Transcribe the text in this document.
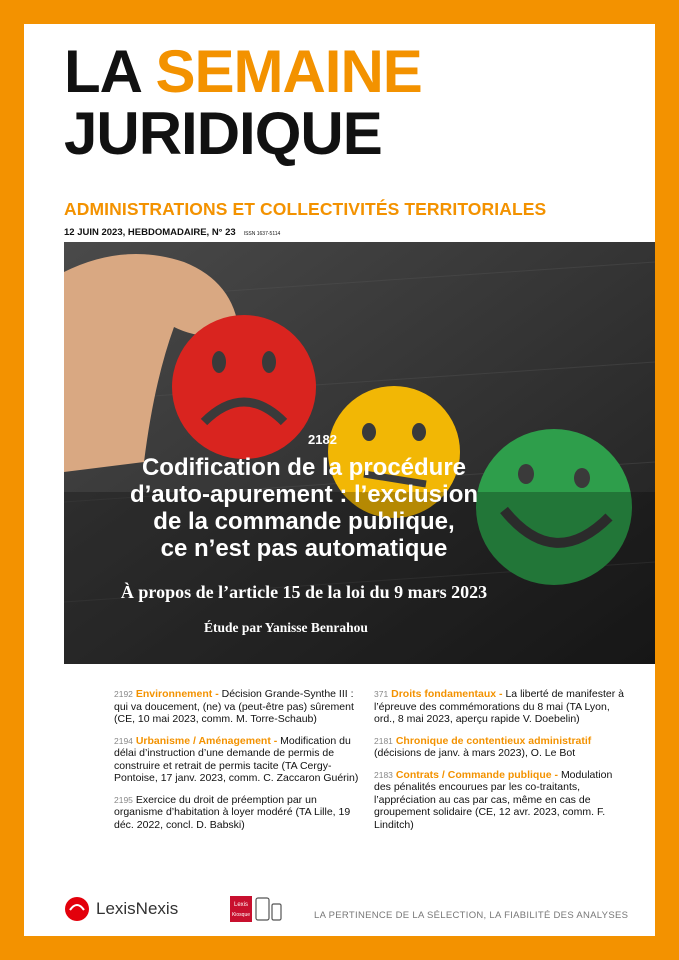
LA SEMAINE
JURIDIQUE
ADMINISTRATIONS ET COLLECTIVITÉS TERRITORIALES
12 JUIN 2023, HEBDOMADAIRE, N° 23 ISSN 1637-5114
2182
Codification de la procédure
d’auto-apurement : l’exclusion
de la commande publique,
ce n’est pas automatique
À propos de l’article 15 de la loi du 9 mars 2023
Étude par Yanisse Benrahou
2192 Environnement - Décision Grande-Synthe III : qui va doucement, (ne) va (peut-être pas) sûrement (CE, 10 mai 2023, comm. M. Torre-Schaub)
2194 Urbanisme / Aménagement - Modification du délai d’instruction d’une demande de permis de construire et retrait de permis tacite (TA Cergy-Pontoise, 17 janv. 2023, comm. C. Zaccaron Guérin)
2195 Exercice du droit de préemption par un organisme d’habitation à loyer modéré (TA Lille, 19 déc. 2022, concl. D. Babski)
371 Droits fondamentaux - La liberté de manifester à l’épreuve des commémorations du 8 mai (TA Lyon, ord., 8 mai 2023, aperçu rapide V. Doebelin)
2181 Chronique de contentieux administratif (décisions de janv. à mars 2023), O. Le Bot
2183 Contrats / Commande publique - Modulation des pénalités encourues par les co-traitants, l’appréciation au cas par cas, même en cas de groupement solidaire (CE, 12 avr. 2023, comm. F. Linditch)
LexisNexis	Lexis
Kiosque	LA PERTINENCE DE LA SÉLECTION, LA FIABILITÉ DES ANALYSES
